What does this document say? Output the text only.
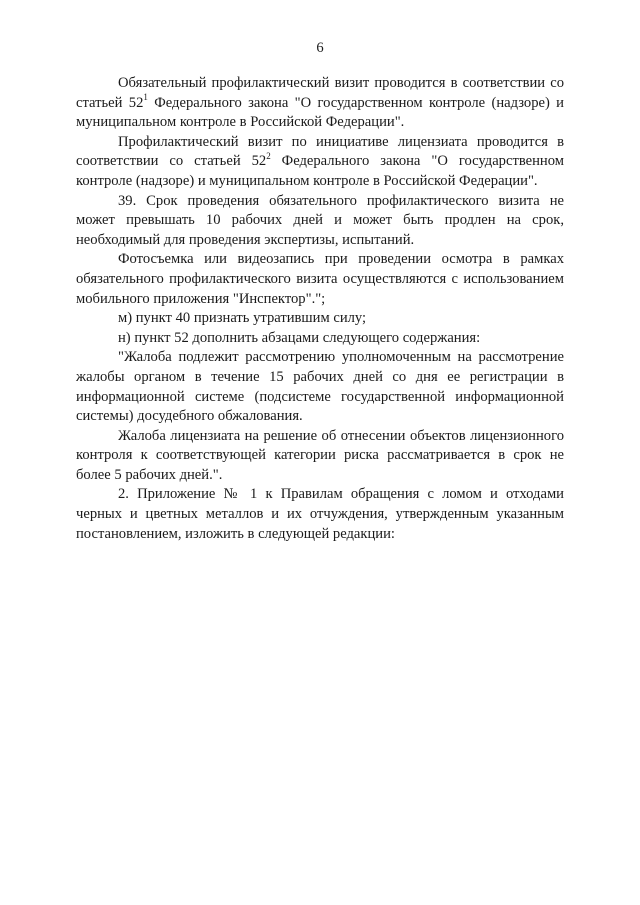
6

Обязательный профилактический визит проводится в соответствии со статьей $52^1$ Федерального закона "О государственном контроле (надзоре) и муниципальном контроле в Российской Федерации".

Профилактический визит по инициативе лицензиата проводится в соответствии со статьей $52^2$ Федерального закона "О государственном контроле (надзоре) и муниципальном контроле в Российской Федерации".

39. Срок проведения обязательного профилактического визита не может превышать 10 рабочих дней и может быть продлен на срок, необходимый для проведения экспертизы, испытаний.

Фотосъемка или видеозапись при проведении осмотра в рамках обязательного профилактического визита осуществляются с использованием мобильного приложения "Инспектор".";

м) пункт 40 признать утратившим силу;

н) пункт 52 дополнить абзацами следующего содержания:

"Жалоба подлежит рассмотрению уполномоченным на рассмотрение жалобы органом в течение 15 рабочих дней со дня ее регистрации в информационной системе (подсистеме государственной информационной системы) досудебного обжалования.

Жалоба лицензиата на решение об отнесении объектов лицензионного контроля к соответствующей категории риска рассматривается в срок не более 5 рабочих дней.".

2. Приложение № 1 к Правилам обращения с ломом и отходами черных и цветных металлов и их отчуждения, утвержденным указанным постановлением, изложить в следующей редакции:
